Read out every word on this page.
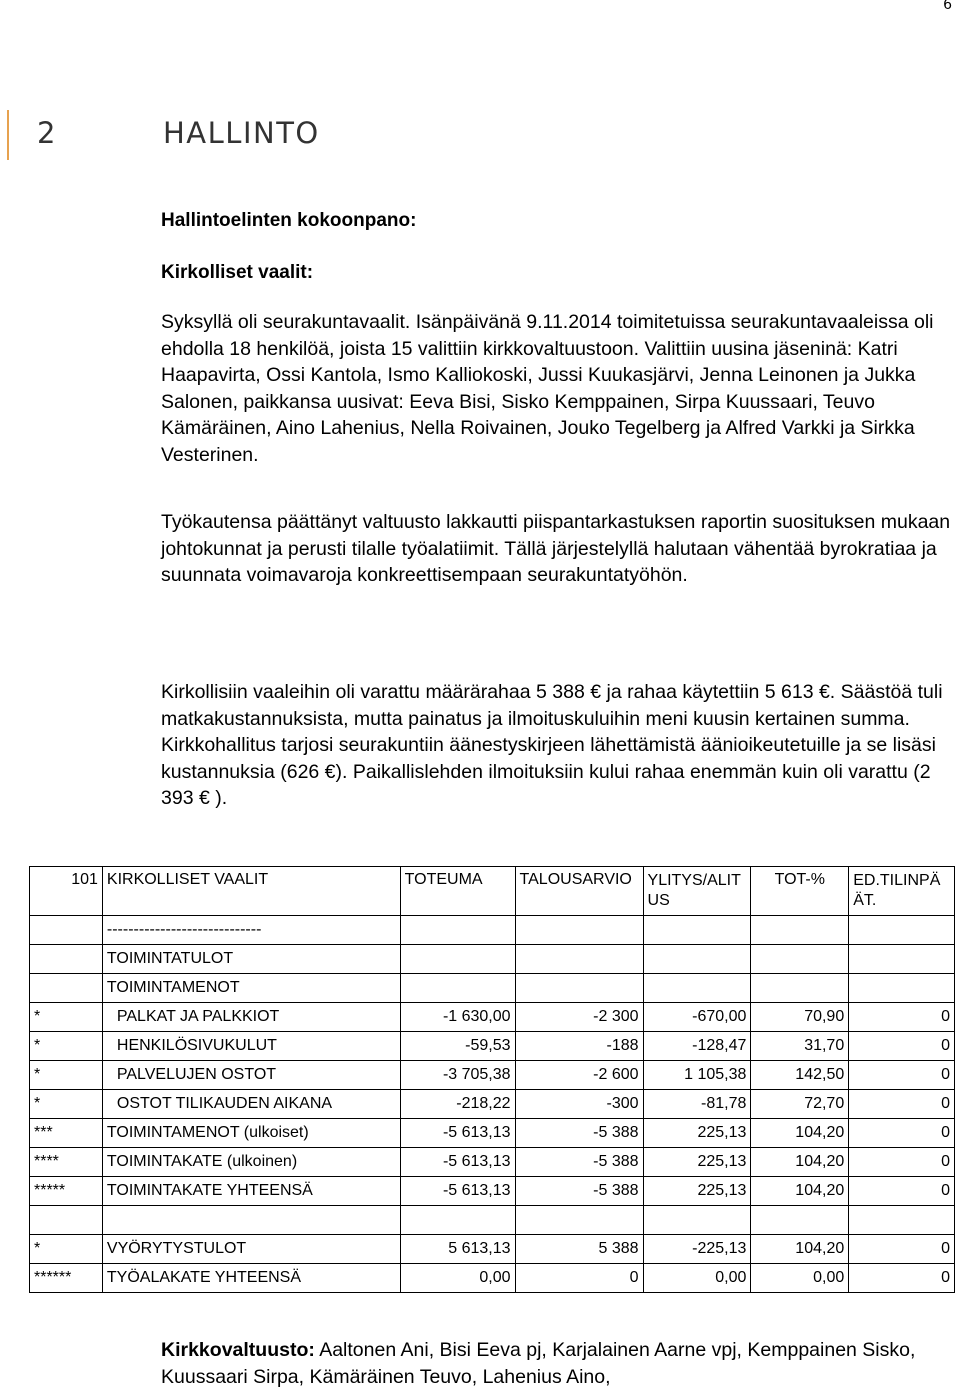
6
2	HALLINTO
Hallintoelinten kokoonpano:
Kirkolliset vaalit:

Syksyllä oli seurakuntavaalit. Isänpäivänä 9.11.2014 toimitetuissa seurakuntavaaleissa oli ehdolla 18 henkilöä, joista 15 valittiin kirkkovaltuustoon. Valittiin uusina jäseninä: Katri Haapavirta, Ossi Kantola, Ismo Kalliokoski, Jussi Kuukasjärvi, Jenna Leinonen ja Jukka Salonen, paikkansa uusivat: Eeva Bisi, Sisko Kemppainen, Sirpa Kuussaari, Teuvo Kämäräinen, Aino Lahenius, Nella Roivainen, Jouko Tegelberg ja Alfred Varkki ja Sirkka Vesterinen.

Työkautensa päättänyt valtuusto lakkautti piispantarkastuksen raportin suosituksen mukaan johtokunnat ja perusti tilalle työalatiimit. Tällä järjestelyllä halutaan vähentää byrokratiaa ja suunnata voimavaroja konkreettisempaan seurakuntatyöhön.

Kirkollisiin vaaleihin oli varattu määrärahaa 5 388 € ja rahaa käytettiin 5 613 €. Säästöä tuli matkakustannuksista, mutta painatus ja ilmoituskuluihin meni kuusin kertainen summa. Kirkkohallitus tarjosi seurakuntiin äänestyskirjeen lähettämistä äänioikeutetuille ja se lisäsi kustannuksia (626 €). Paikallislehden ilmoituksiin kului rahaa enemmän kuin oli varattu (2 393 € ).

101	KIRKOLLISET VAALIT	TOTEUMA	TALOUSARVIO	YLITYS/ALITUS	TOT-%	ED.TILINPÄÄT.
	-----------------------------					
	TOIMINTATULOT					
	TOIMINTAMENOT					
*	PALKAT JA PALKKIOT	-1 630,00	-2 300	-670,00	70,90	0
*	HENKILÖSIVUKULUT	-59,53	-188	-128,47	31,70	0
*	PALVELUJEN OSTOT	-3 705,38	-2 600	1 105,38	142,50	0
*	OSTOT TILIKAUDEN AIKANA	-218,22	-300	-81,78	72,70	0
***	TOIMINTAMENOT (ulkoiset)	-5 613,13	-5 388	225,13	104,20	0
****	TOIMINTAKATE (ulkoinen)	-5 613,13	-5 388	225,13	104,20	0
*****	TOIMINTAKATE YHTEENSÄ	-5 613,13	-5 388	225,13	104,20	0

*	VYÖRYTYSTULOT	5 613,13	5 388	-225,13	104,20	0
******	TYÖALAKATE YHTEENSÄ	0,00	0	0,00	0,00	0
Kirkkovaltuusto: Aaltonen Ani, Bisi Eeva pj, Karjalainen Aarne vpj, Kemppainen Sisko, Kuussaari Sirpa, Kämäräinen Teuvo, Lahenius Aino,
